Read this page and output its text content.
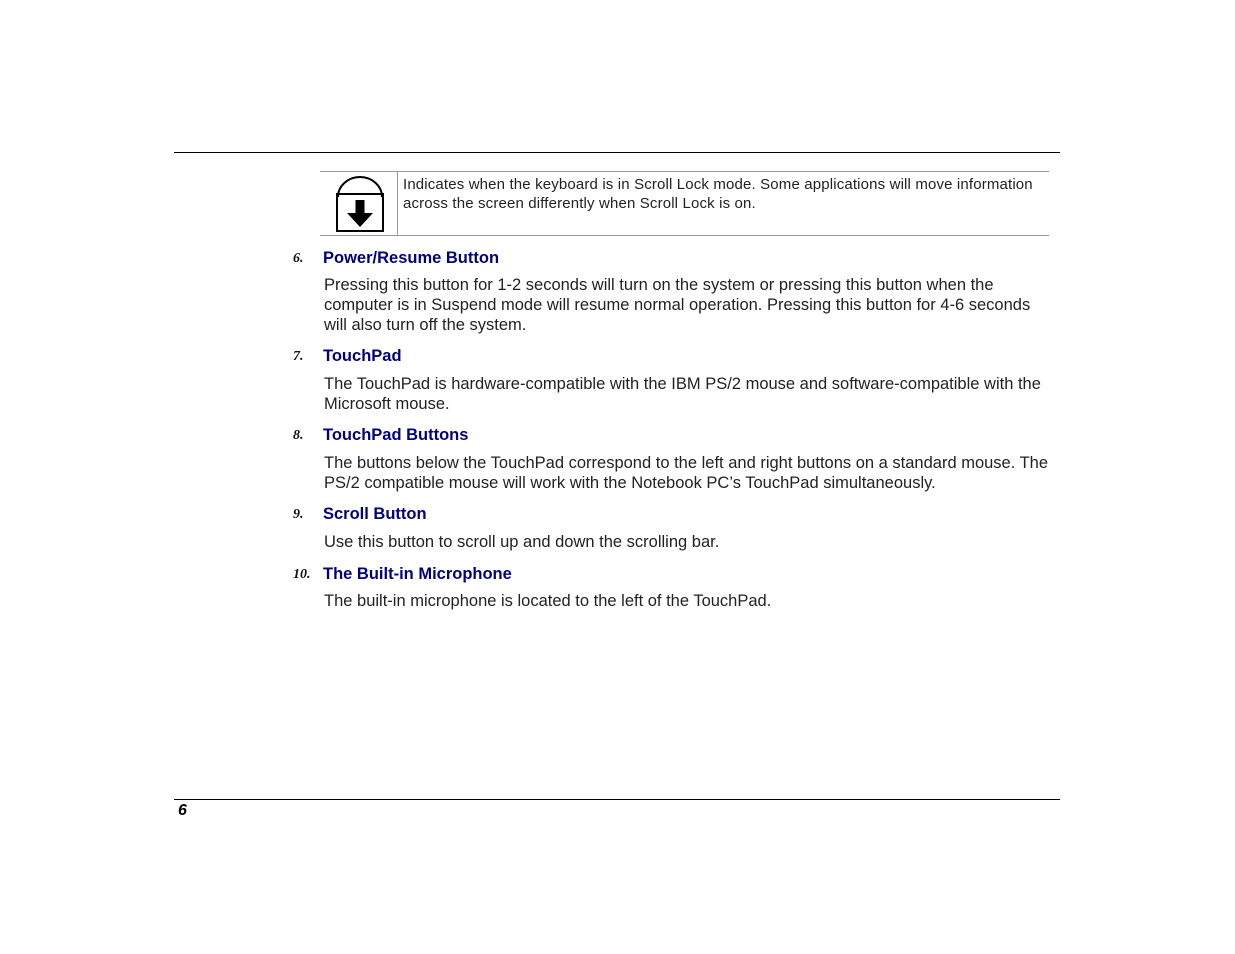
Indicates when the keyboard is in Scroll Lock mode. Some applications will move information across the screen differently when Scroll Lock is on.
6. Power/Resume Button
Pressing this button for 1-2 seconds will turn on the system or pressing this button when the computer is in Suspend mode will resume normal operation. Pressing this button for 4-6 seconds will also turn off the system.
7. TouchPad
The TouchPad is hardware-compatible with the IBM PS/2 mouse and software-compatible with the Microsoft mouse.
8. TouchPad Buttons
The buttons below the TouchPad correspond to the left and right buttons on a standard mouse. The PS/2 compatible mouse will work with the Notebook PC’s TouchPad simultaneously.
9. Scroll Button
Use this button to scroll up and down the scrolling bar.
10. The Built-in Microphone
The built-in microphone is located to the left of the TouchPad.
6
